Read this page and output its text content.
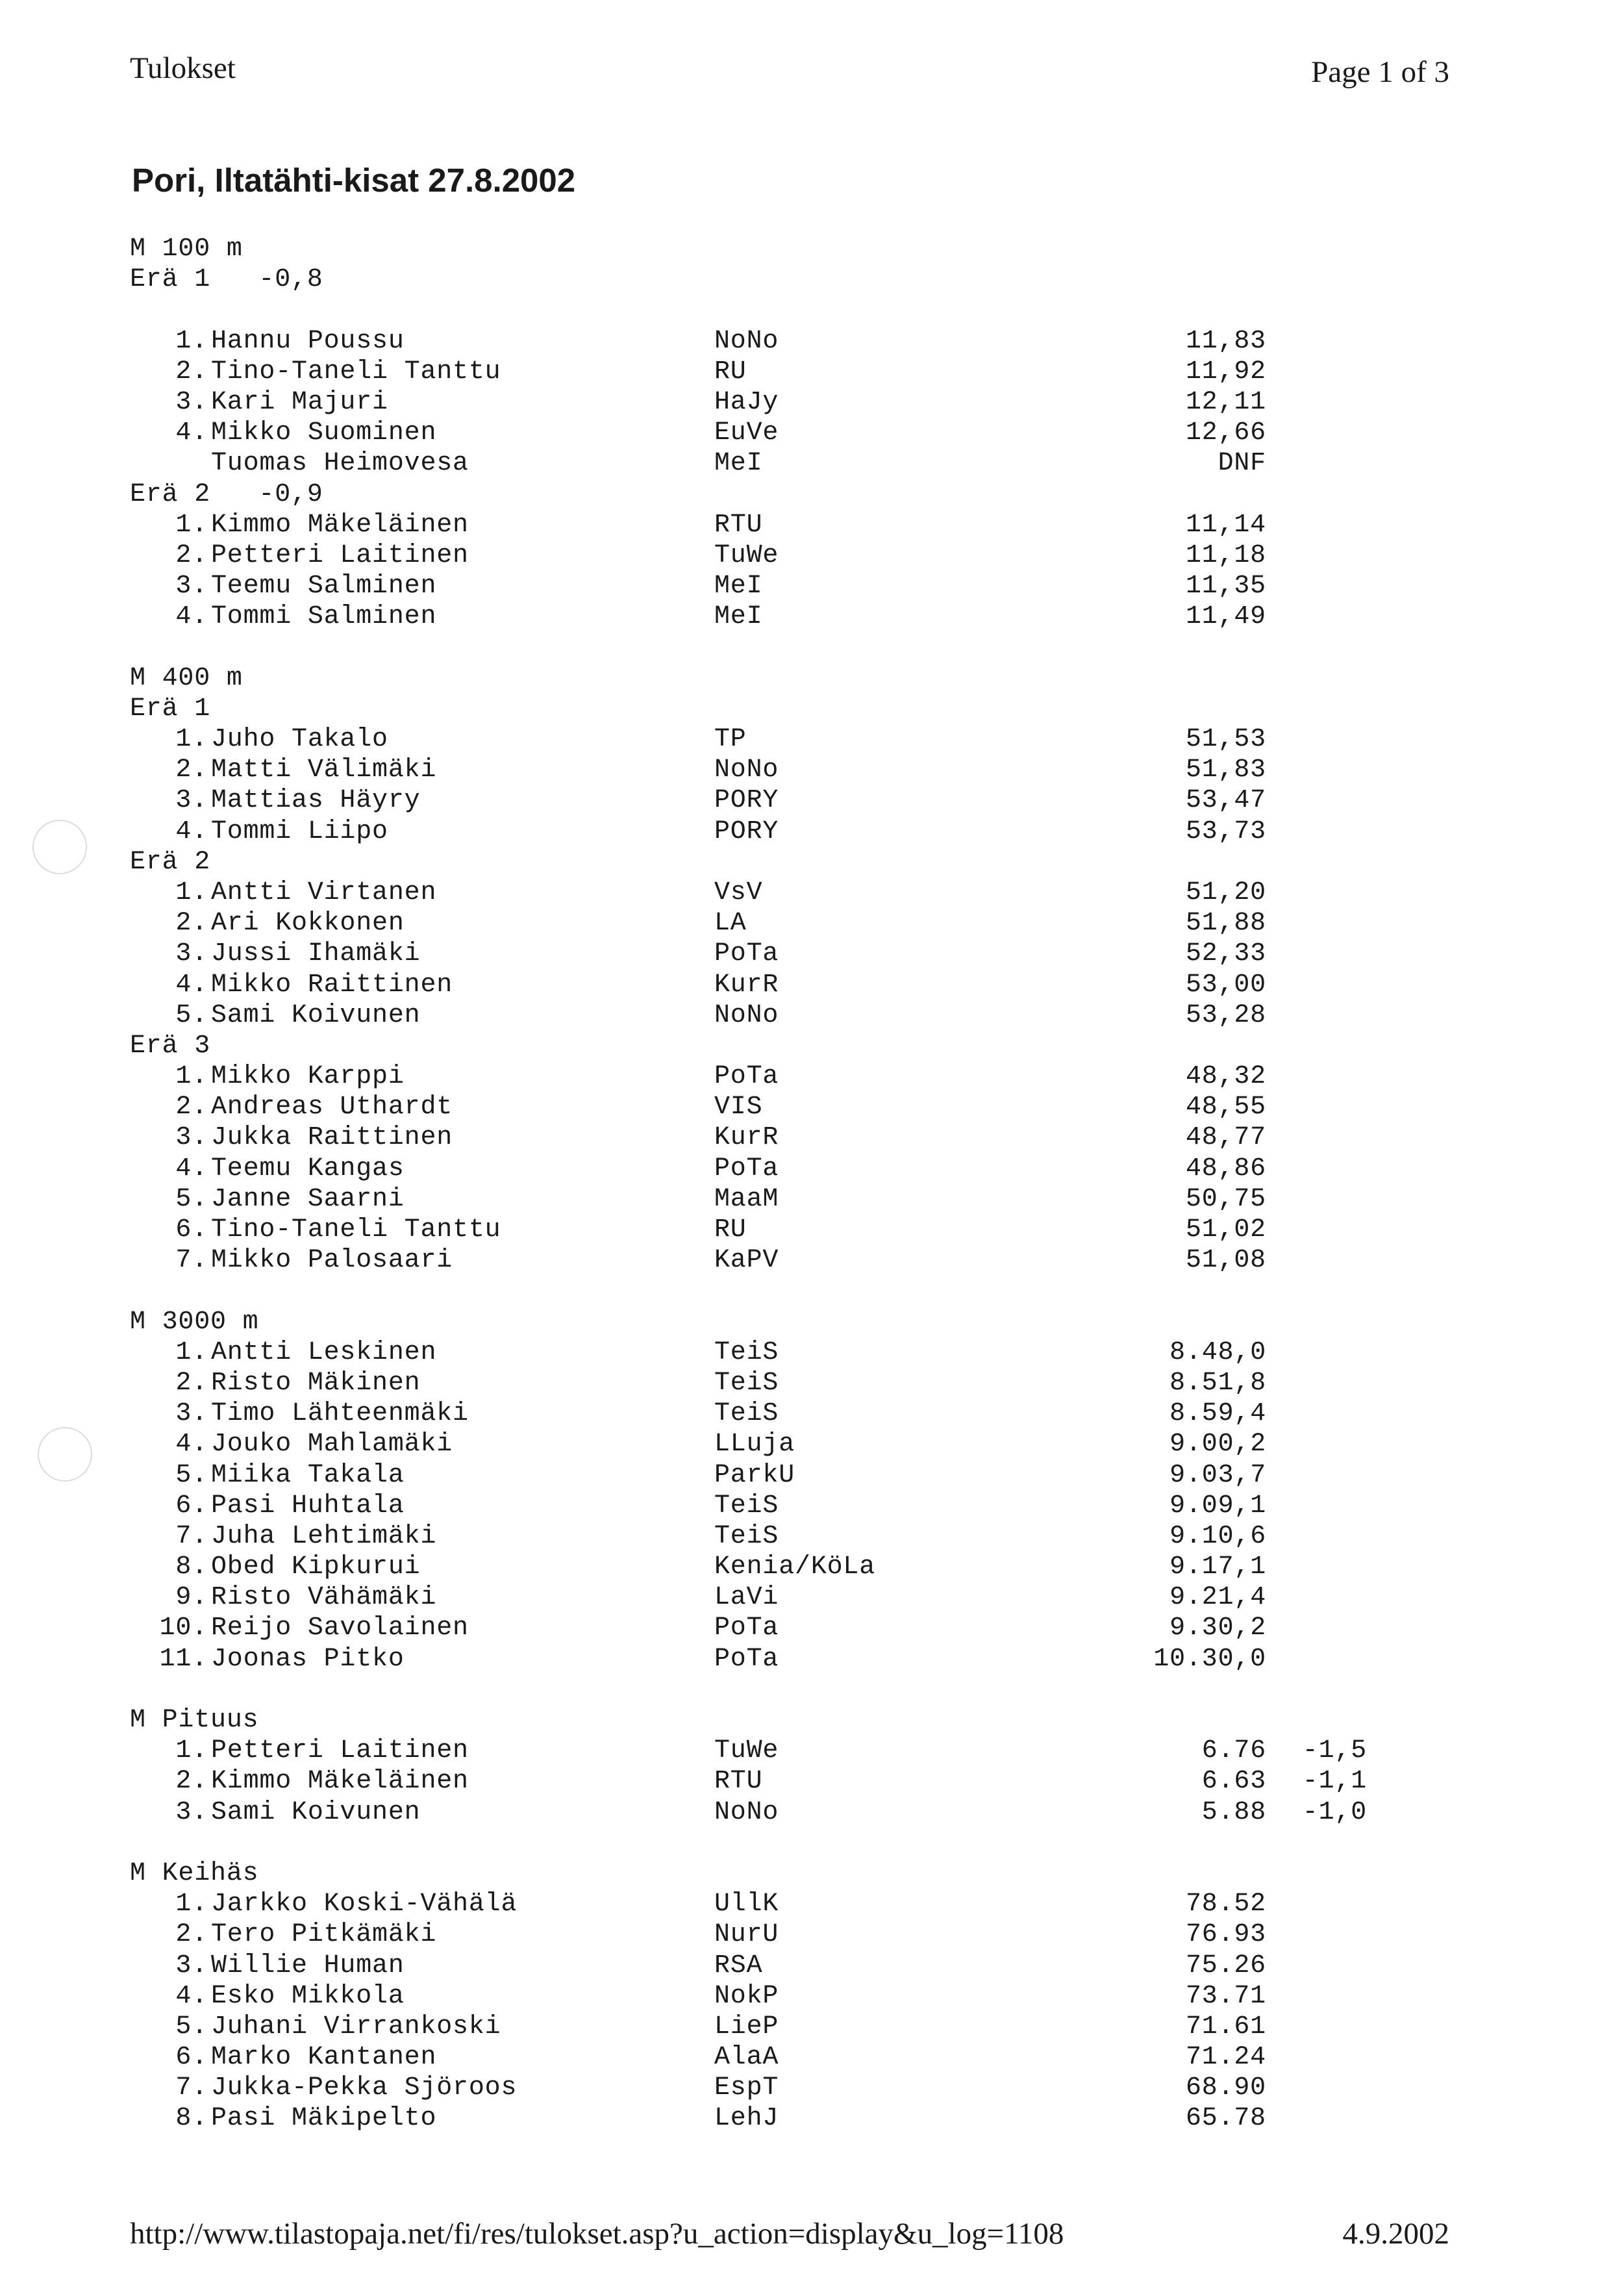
Tulokset	Page 1 of 3
Pori, Iltatähti-kisat 27.8.2002
M 100 m
Erä 1   -0,8
1. Hannu Poussu	NoNo	11,83
2. Tino-Taneli Tanttu	RU	11,92
3. Kari Majuri	HaJy	12,11
4. Mikko Suominen	EuVe	12,66
Tuomas Heimovesa	MeI	DNF
Erä 2   -0,9
1. Kimmo Mäkeläinen	RTU	11,14
2. Petteri Laitinen	TuWe	11,18
3. Teemu Salminen	MeI	11,35
4. Tommi Salminen	MeI	11,49
M 400 m
Erä 1
1. Juho Takalo	TP	51,53
2. Matti Välimäki	NoNo	51,83
3. Mattias Häyry	PORY	53,47
4. Tommi Liipo	PORY	53,73
Erä 2
1. Antti Virtanen	VsV	51,20
2. Ari Kokkonen	LA	51,88
3. Jussi Ihamäki	PoTa	52,33
4. Mikko Raittinen	KurR	53,00
5. Sami Koivunen	NoNo	53,28
Erä 3
1. Mikko Karppi	PoTa	48,32
2. Andreas Uthardt	VIS	48,55
3. Jukka Raittinen	KurR	48,77
4. Teemu Kangas	PoTa	48,86
5. Janne Saarni	MaaM	50,75
6. Tino-Taneli Tanttu	RU	51,02
7. Mikko Palosaari	KaPV	51,08
M 3000 m
1. Antti Leskinen	TeiS	8.48,0
2. Risto Mäkinen	TeiS	8.51,8
3. Timo Lähteenmäki	TeiS	8.59,4
4. Jouko Mahlamäki	LLuja	9.00,2
5. Miika Takala	ParkU	9.03,7
6. Pasi Huhtala	TeiS	9.09,1
7. Juha Lehtimäki	TeiS	9.10,6
8. Obed Kipkurui	Kenia/KöLa	9.17,1
9. Risto Vähämäki	LaVi	9.21,4
10. Reijo Savolainen	PoTa	9.30,2
11. Joonas Pitko	PoTa	10.30,0
M Pituus
1. Petteri Laitinen	TuWe	6.76	-1,5
2. Kimmo Mäkeläinen	RTU	6.63	-1,1
3. Sami Koivunen	NoNo	5.88	-1,0
M Keihäs
1. Jarkko Koski-Vähälä	UllK	78.52
2. Tero Pitkämäki	NurU	76.93
3. Willie Human	RSA	75.26
4. Esko Mikkola	NokP	73.71
5. Juhani Virrankoski	LieP	71.61
6. Marko Kantanen	AlaA	71.24
7. Jukka-Pekka Sjöroos	EspT	68.90
8. Pasi Mäkipelto	LehJ	65.78
http://www.tilastopaja.net/fi/res/tulokset.asp?u_action=display&u_log=1108	4.9.2002
